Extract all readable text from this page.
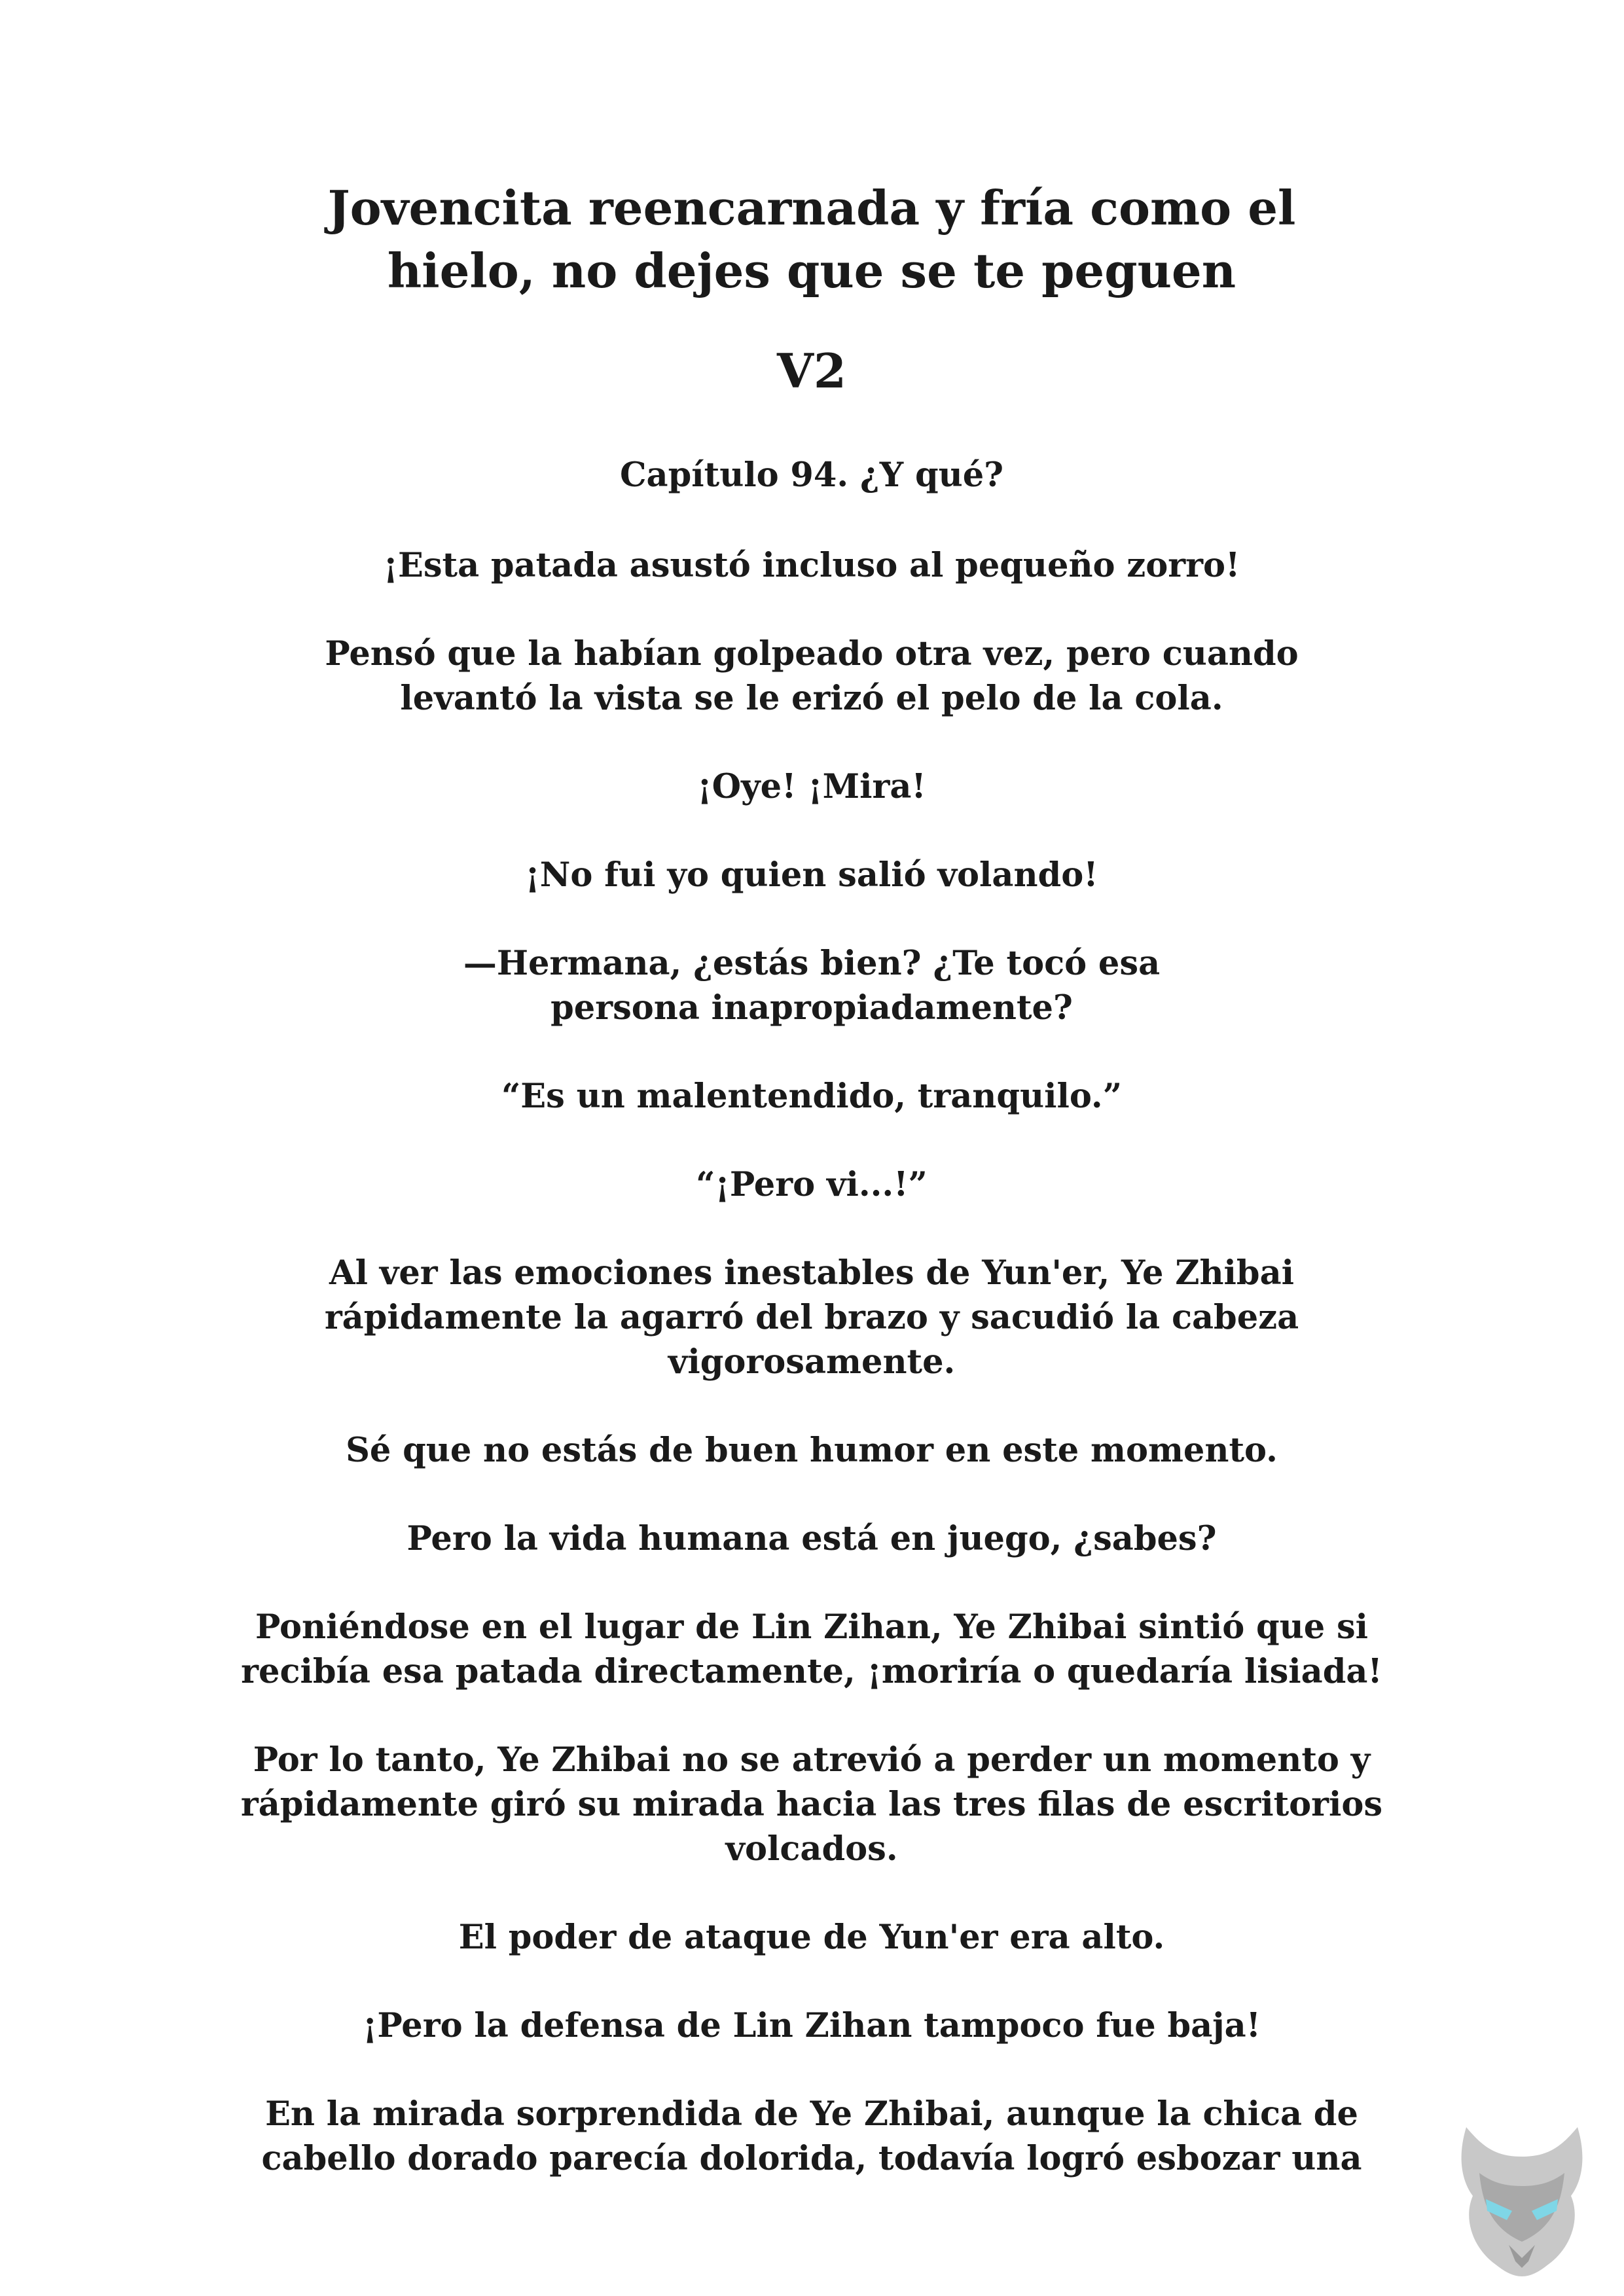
Jovencita reencarnada y fría como el
hielo, no dejes que se te peguen
V2
Capítulo 94. ¿Y qué?

¡Esta patada asustó incluso al pequeño zorro!

Pensó que la habían golpeado otra vez, pero cuando levantó la vista se le erizó el pelo de la cola.

¡Oye! ¡Mira!

¡No fui yo quien salió volando!

—Hermana, ¿estás bien? ¿Te tocó esa persona inapropiadamente?

“Es un malentendido, tranquilo.”

“¡Pero vi...!”

Al ver las emociones inestables de Yun'er, Ye Zhibai rápidamente la agarró del brazo y sacudió la cabeza vigorosamente.

Sé que no estás de buen humor en este momento.

Pero la vida humana está en juego, ¿sabes?

Poniéndose en el lugar de Lin Zihan, Ye Zhibai sintió que si recibía esa patada directamente, ¡moriría o quedaría lisiada!

Por lo tanto, Ye Zhibai no se atrevió a perder un momento y rápidamente giró su mirada hacia las tres filas de escritorios volcados.

El poder de ataque de Yun'er era alto.

¡Pero la defensa de Lin Zihan tampoco fue baja!

En la mirada sorprendida de Ye Zhibai, aunque la chica de cabello dorado parecía dolorida, todavía logró esbozar una
